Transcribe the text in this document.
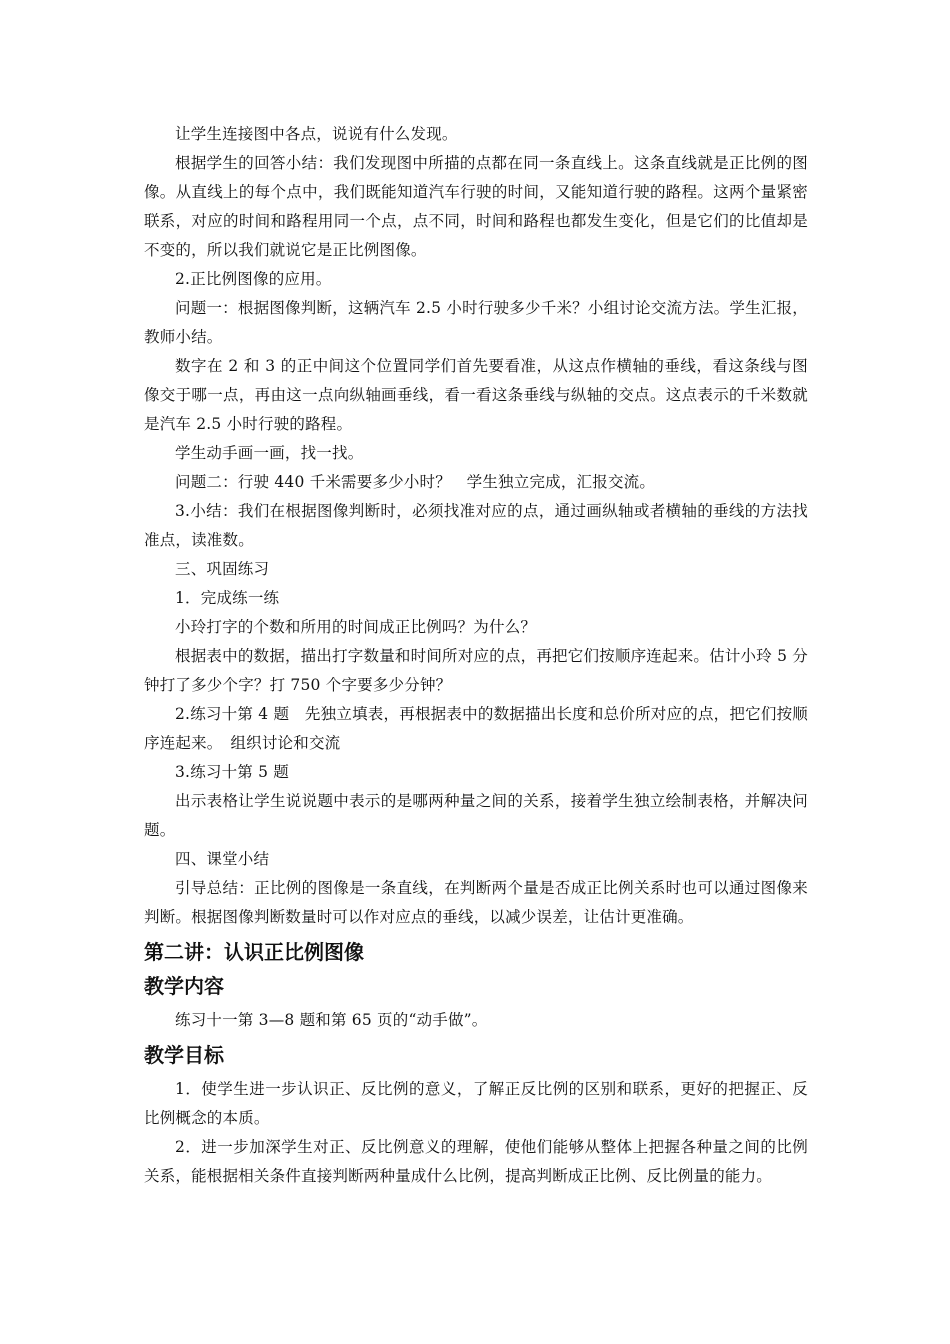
让学生连接图中各点，说说有什么发现。

根据学生的回答小结：我们发现图中所描的点都在同一条直线上。这条直线就是正比例的图像。从直线上的每个点中，我们既能知道汽车行驶的时间，又能知道行驶的路程。这两个量紧密联系，对应的时间和路程用同一个点，点不同，时间和路程也都发生变化，但是它们的比值却是不变的，所以我们就说它是正比例图像。

2.正比例图像的应用。

问题一：根据图像判断，这辆汽车 2.5 小时行驶多少千米？小组讨论交流方法。学生汇报，教师小结。

数字在 2 和 3 的正中间这个位置同学们首先要看准，从这点作横轴的垂线，看这条线与图像交于哪一点，再由这一点向纵轴画垂线，看一看这条垂线与纵轴的交点。这点表示的千米数就是汽车 2.5 小时行驶的路程。

学生动手画一画，找一找。

问题二：行驶 440 千米需要多少小时？　学生独立完成，汇报交流。

3.小结：我们在根据图像判断时，必须找准对应的点，通过画纵轴或者横轴的垂线的方法找准点，读准数。

三、巩固练习

1．完成练一练

小玲打字的个数和所用的时间成正比例吗？为什么？

根据表中的数据，描出打字数量和时间所对应的点，再把它们按顺序连起来。估计小玲 5 分钟打了多少个字？打 750 个字要多少分钟？

2.练习十第 4 题　先独立填表，再根据表中的数据描出长度和总价所对应的点，把它们按顺序连起来。　组织讨论和交流

3.练习十第 5 题

出示表格让学生说说题中表示的是哪两种量之间的关系，接着学生独立绘制表格，并解决问题。

四、课堂小结

引导总结：正比例的图像是一条直线，在判断两个量是否成正比例关系时也可以通过图像来判断。根据图像判断数量时可以作对应点的垂线，以减少误差，让估计更准确。

第二讲：认识正比例图像
教学内容

练习十一第 3—8 题和第 65 页的“动手做”。

教学目标

1．使学生进一步认识正、反比例的意义，了解正反比例的区别和联系，更好的把握正、反比例概念的本质。

2．进一步加深学生对正、反比例意义的理解，使他们能够从整体上把握各种量之间的比例关系，能根据相关条件直接判断两种量成什么比例，提高判断成正比例、反比例量的能力。
